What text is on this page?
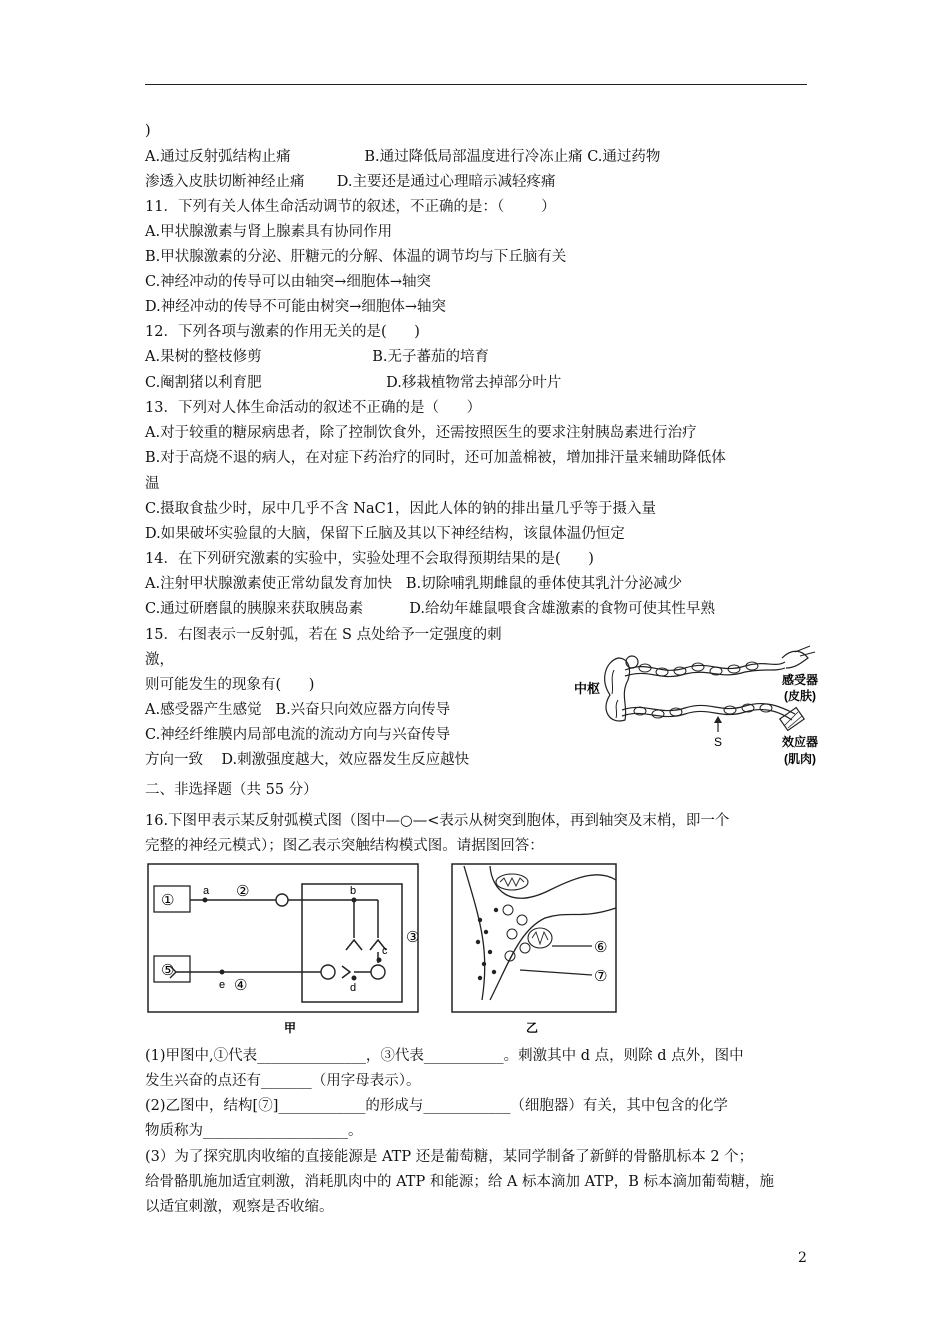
)
A.通过反射弧结构止痛                B.通过降低局部温度进行冷冻止痛 C.通过药物
渗透入皮肤切断神经止痛       D.主要还是通过心理暗示减轻疼痛
11．下列有关人体生命活动调节的叙述，不正确的是：（        ）
A.甲状腺激素与肾上腺素具有协同作用
B.甲状腺激素的分泌、肝糖元的分解、体温的调节均与下丘脑有关
C.神经冲动的传导可以由轴突→细胞体→轴突
D.神经冲动的传导不可能由树突→细胞体→轴突
12．下列各项与激素的作用无关的是(      )
A.果树的整枝修剪                        B.无子蕃茄的培育
C.阉割猪以利育肥                           D.移栽植物常去掉部分叶片
13．下列对人体生命活动的叙述不正确的是（      ）
A.对于较重的糖尿病患者，除了控制饮食外，还需按照医生的要求注射胰岛素进行治疗
B.对于高烧不退的病人，在对症下药治疗的同时，还可加盖棉被，增加排汗量来辅助降低体
温
C.摄取食盐少时，尿中几乎不含 NaC1，因此人体的钠的排出量几乎等于摄入量
D.如果破坏实验鼠的大脑，保留下丘脑及其以下神经结构，该鼠体温仍恒定
14．在下列研究激素的实验中，实验处理不会取得预期结果的是(      )
A.注射甲状腺激素使正常幼鼠发育加快   B.切除哺乳期雌鼠的垂体使其乳汁分泌减少
C.通过研磨鼠的胰腺来获取胰岛素          D.给幼年雄鼠喂食含雄激素的食物可使其性早熟
15．右图表示一反射弧，若在 S 点处给予一定强度的刺
激，
则可能发生的现象有(      )
A.感受器产生感觉   B.兴奋只向效应器方向传导
C.神经纤维膜内局部电流的流动方向与兴奋传导
方向一致    D.刺激强度越大，效应器发生反应越快
S
中枢
感受器
(皮肤)
效应器
(肌肉)
二、非选择题（共 55 分）
16.下图甲表示某反射弧模式图（图中—○—<表示从树突到胞体，再到轴突及末梢，即一个
完整的神经元模式）；图乙表示突触结构模式图。请据图回答：
①
⑤
②
③
④
a	b
c
d
e
甲
⑥
⑦
乙
(1)甲图中,①代表_______________，③代表___________。刺激其中 d 点，则除 d 点外，图中
发生兴奋的点还有_______（用字母表示）。
(2)乙图中，结构[⑦]____________的形成与____________（细胞器）有关，其中包含的化学
物质称为____________________。
(3）为了探究肌肉收缩的直接能源是 ATP 还是葡萄糖，某同学制备了新鲜的骨骼肌标本 2 个；
给骨骼肌施加适宜刺激，消耗肌肉中的 ATP 和能源；给 A 标本滴加 ATP，B 标本滴加葡萄糖，施
以适宜刺激，观察是否收缩。
2
